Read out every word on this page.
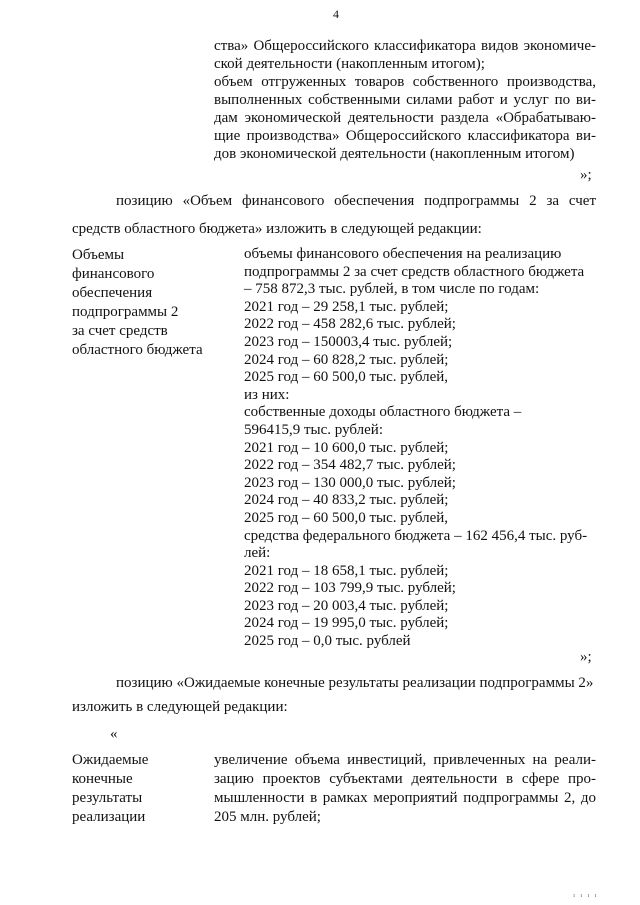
4
ства» Общероссийского классификатора видов экономиче-
ской деятельности (накопленным итогом);
объем отгруженных товаров собственного производства,
выполненных собственными силами работ и услуг по ви-
дам экономической деятельности раздела «Обрабатываю-
щие производства» Общероссийского классификатора ви-
дов экономической деятельности (накопленным итогом)
»;
позицию «Объем финансового обеспечения подпрограммы 2 за счет
средств областного бюджета» изложить в следующей редакции:
Объемы
финансового
обеспечения
подпрограммы 2
за счет средств
областного бюджета
объемы финансового обеспечения на реализацию
подпрограммы 2 за счет средств областного бюджета
– 758 872,3 тыс. рублей, в том числе по годам:
2021 год – 29 258,1 тыс. рублей;
2022 год – 458 282,6 тыс. рублей;
2023 год – 150003,4 тыс. рублей;
2024 год – 60 828,2 тыс. рублей;
2025 год – 60 500,0 тыс. рублей,
из них:
собственные доходы областного бюджета –
596415,9 тыс. рублей:
2021 год – 10 600,0 тыс. рублей;
2022 год – 354 482,7 тыс. рублей;
2023 год – 130 000,0 тыс. рублей;
2024 год – 40 833,2 тыс. рублей;
2025 год – 60 500,0 тыс. рублей,
средства федерального бюджета – 162 456,4 тыс. руб-
лей:
2021 год – 18 658,1 тыс. рублей;
2022 год – 103 799,9 тыс. рублей;
2023 год – 20 003,4 тыс. рублей;
2024 год – 19 995,0 тыс. рублей;
2025 год – 0,0 тыс. рублей
»;
позицию «Ожидаемые конечные результаты реализации подпрограммы 2»
изложить в следующей редакции:
«
Ожидаемые
конечные
результаты
реализации
увеличение объема инвестиций, привлеченных на реали-
зацию проектов субъектами деятельности в сфере про-
мышленности в рамках мероприятий подпрограммы 2, до
205 млн. рублей;
 ı ı ı ı
